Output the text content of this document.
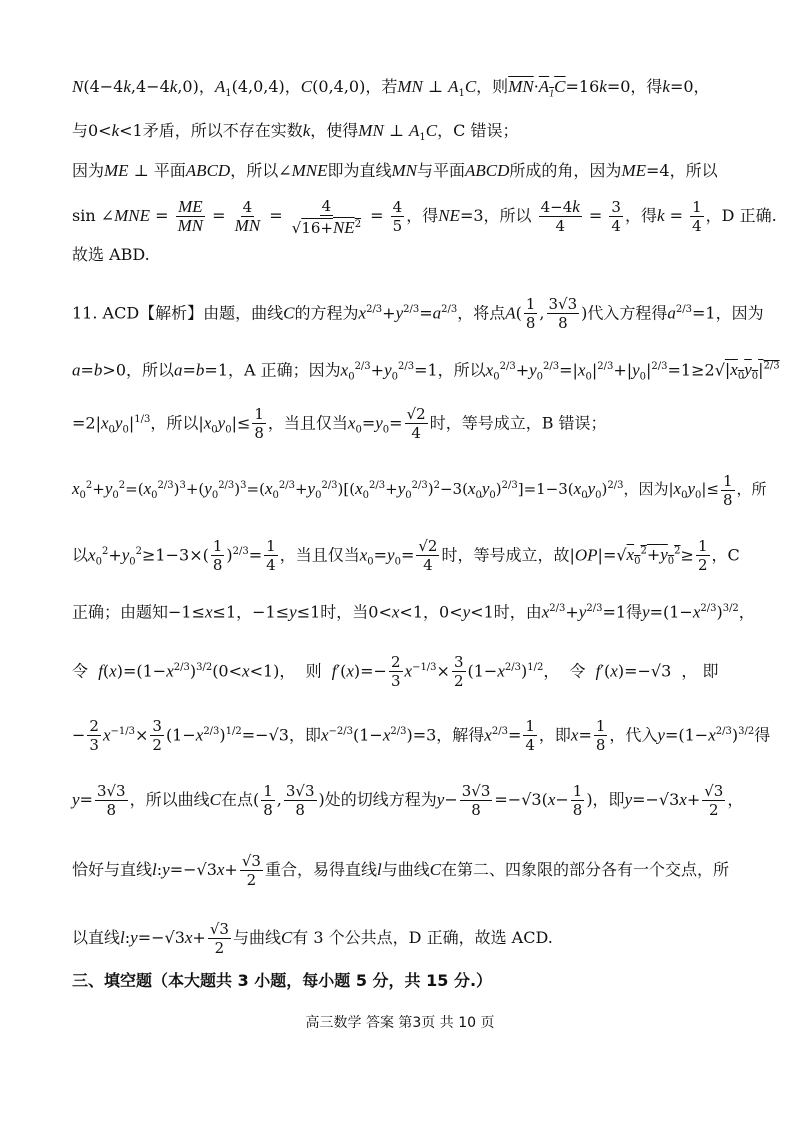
N(4−4k,4−4k,0)，$A_1(4,0,4)$，C(0,4,0)，若MN ⊥ $A_1C$，则$\overline{MN}\cdot A_1C=16k=0$，得k=0，
与0<k<1矛盾，所以不存在实数k，使得MN ⊥ $A_1C$，C 错误；
因为ME ⊥ 平面ABCD，所以∠MNE即为直线MN与平面ABCD所成的角，因为ME=4，所以
sin ∠MNE = $\frac{ME}{MN} = \frac{4}{MN} = \frac{4}{√16+NE^2} = \frac{4}{5}$ ，得NE=3，所以 $\frac{4-4k}{4} = \frac{3}{4}$ ，得$k = \frac{1}{4}$ ，D 正确.
故选 ABD.
11. ACD【解析】由题，曲线C的方程为$x^{2/3}+y^{2/3}=a^{2/3}$，将点$A( \frac{1}{8}$ , $\frac{3√3}{8}$ )代入方程得$a^{2/3}=1$，因为
a=b>0，所以a=b=1，A 正确；因为$x_0^{2/3}+y_0^{2/3}=1$，所以$x_0^{2/3}+y_0^{2/3}=|x_0|^{2/3}+|y_0|^{2/3}=1\ge 2√|x_0y_0|^{2/3}$
$=2|x_0y_0|^{1/3}$，所以$|x_0y_0|\le \frac{1}{8}$ ，当且仅当$x_0=y_0= \frac{√2}{4}$ 时，等号成立，B 错误；
$x_0^2+y_0^2=(x_0^{2/3})^3+(y_0^{2/3})^3=(x_0^{2/3}+y_0^{2/3})[(x_0^{2/3}+y_0^{2/3})^2-3(x_0y_0)^{2/3}]=1-3(x_0y_0)^{2/3}$，因为$|x_0y_0|\le \frac{1}{8}$ ，所
以$x_0^2+y_0^2\ge 1-3\times( \frac{1}{8} )^{2/3}= \frac{1}{4}$ ，当且仅当$x_0=y_0= \frac{√2}{4}$ 时，等号成立，故$|OP|=√x_0^2+y_0^2\ge \frac{1}{2}$ ，C
正确；由题知−1≤x≤1，−1≤y≤1时，当0<x<1，0<y<1时，由$x^{2/3}+y^{2/3}=1$得$y=(1-x^{2/3})^{3/2}$，
令  $f(x)=(1-x^{2/3})^{3/2}(0<x<1)$，  则  $f'(x)=- \frac{2}{3} x^{-1/3}\times \frac{3}{2} (1-x^{2/3})^{1/2}$，  令  f′(x)=−√3  ， 即
− $\frac{2}{3} x^{-1/3}\times \frac{3}{2} (1-x^{2/3})^{1/2}=-√3$，即$x^{-2/3}(1-x^{2/3})=3$，解得$x^{2/3}= \frac{1}{4}$ ，即$x= \frac{1}{8}$ ，代入$y=(1-x^{2/3})^{3/2}$得
$y= \frac{3√3}{8}$ ，所以曲线C在点( $\frac{1}{8}$ , $\frac{3√3}{8}$ )处的切线方程为$y- \frac{3√3}{8} =-√3(x- \frac{1}{8}$ )，即$y=-√3x+ \frac{√3}{2}$ ，
恰好与直线l:y=−√3x+ $\frac{√3}{2}$ 重合，易得直线l与曲线C在第二、四象限的部分各有一个交点，所
以直线l:y=−√3x+ $\frac{√3}{2}$ 与曲线C有 3 个公共点，D 正确，故选 ACD.
三、填空题（本大题共 3 小题，每小题 5 分，共 15 分.）
高三数学 答案 第3页 共 10 页
